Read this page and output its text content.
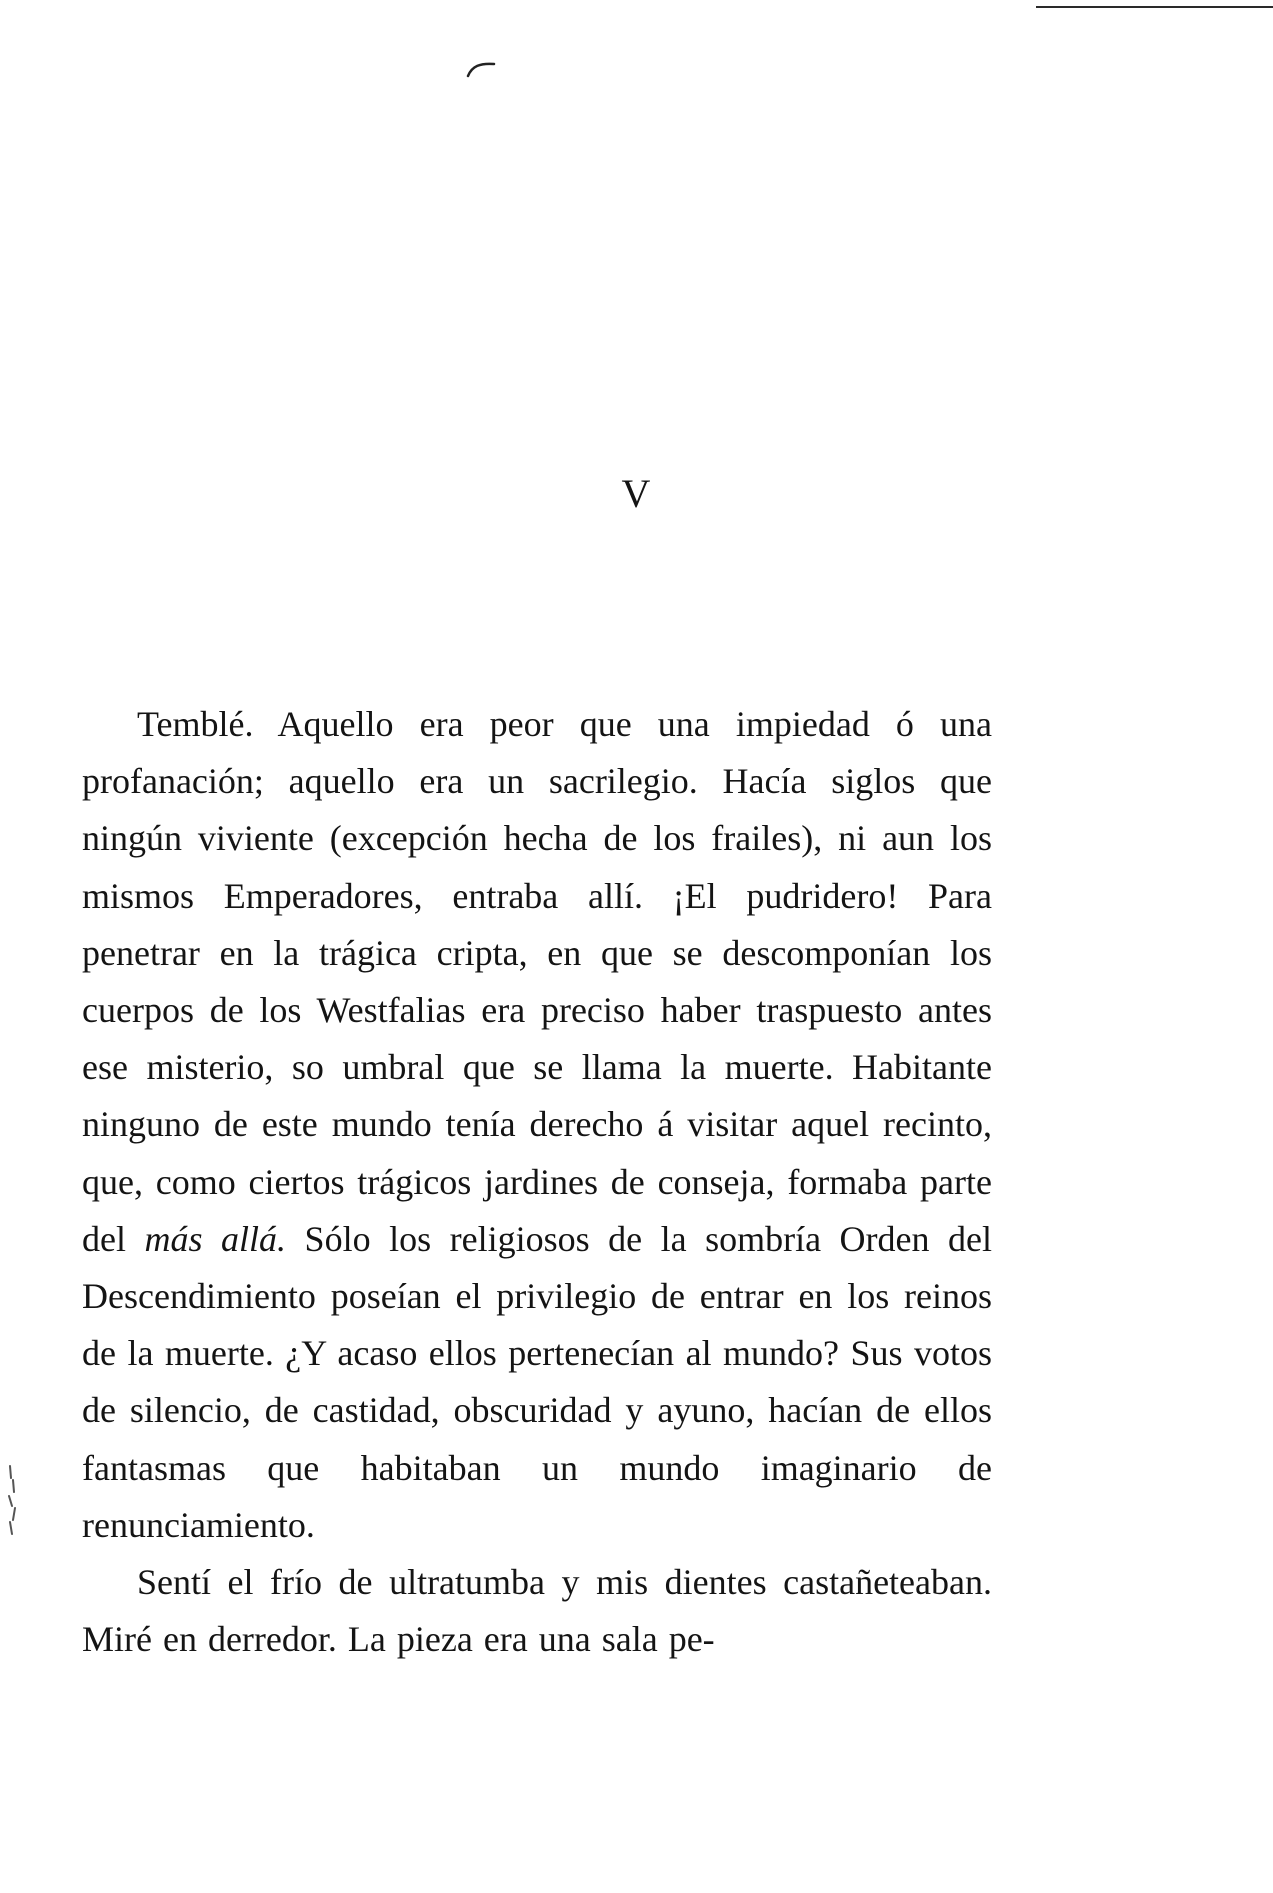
V

Temblé. Aquello era peor que una impiedad ó una profanación; aquello era un sacrilegio. Hacía siglos que ningún viviente (excepción hecha de los frailes), ni aun los mismos Emperadores, entraba allí. ¡El pudridero! Para penetrar en la trágica cripta, en que se descomponían los cuerpos de los Westfalias era preciso haber traspuesto antes ese misterio, so umbral que se llama la muerte. Habitante ninguno de este mundo tenía derecho á visitar aquel recinto, que, como ciertos trágicos jardines de conseja, formaba parte del más allá. Sólo los religiosos de la sombría Orden del Descendimiento poseían el privilegio de entrar en los reinos de la muerte. ¿Y acaso ellos pertenecían al mundo? Sus votos de silencio, de castidad, obscuridad y ayuno, hacían de ellos fantasmas que habitaban un mundo imaginario de renunciamiento.

Sentí el frío de ultratumba y mis dientes castañeteaban. Miré en derredor. La pieza era una sala pe-
